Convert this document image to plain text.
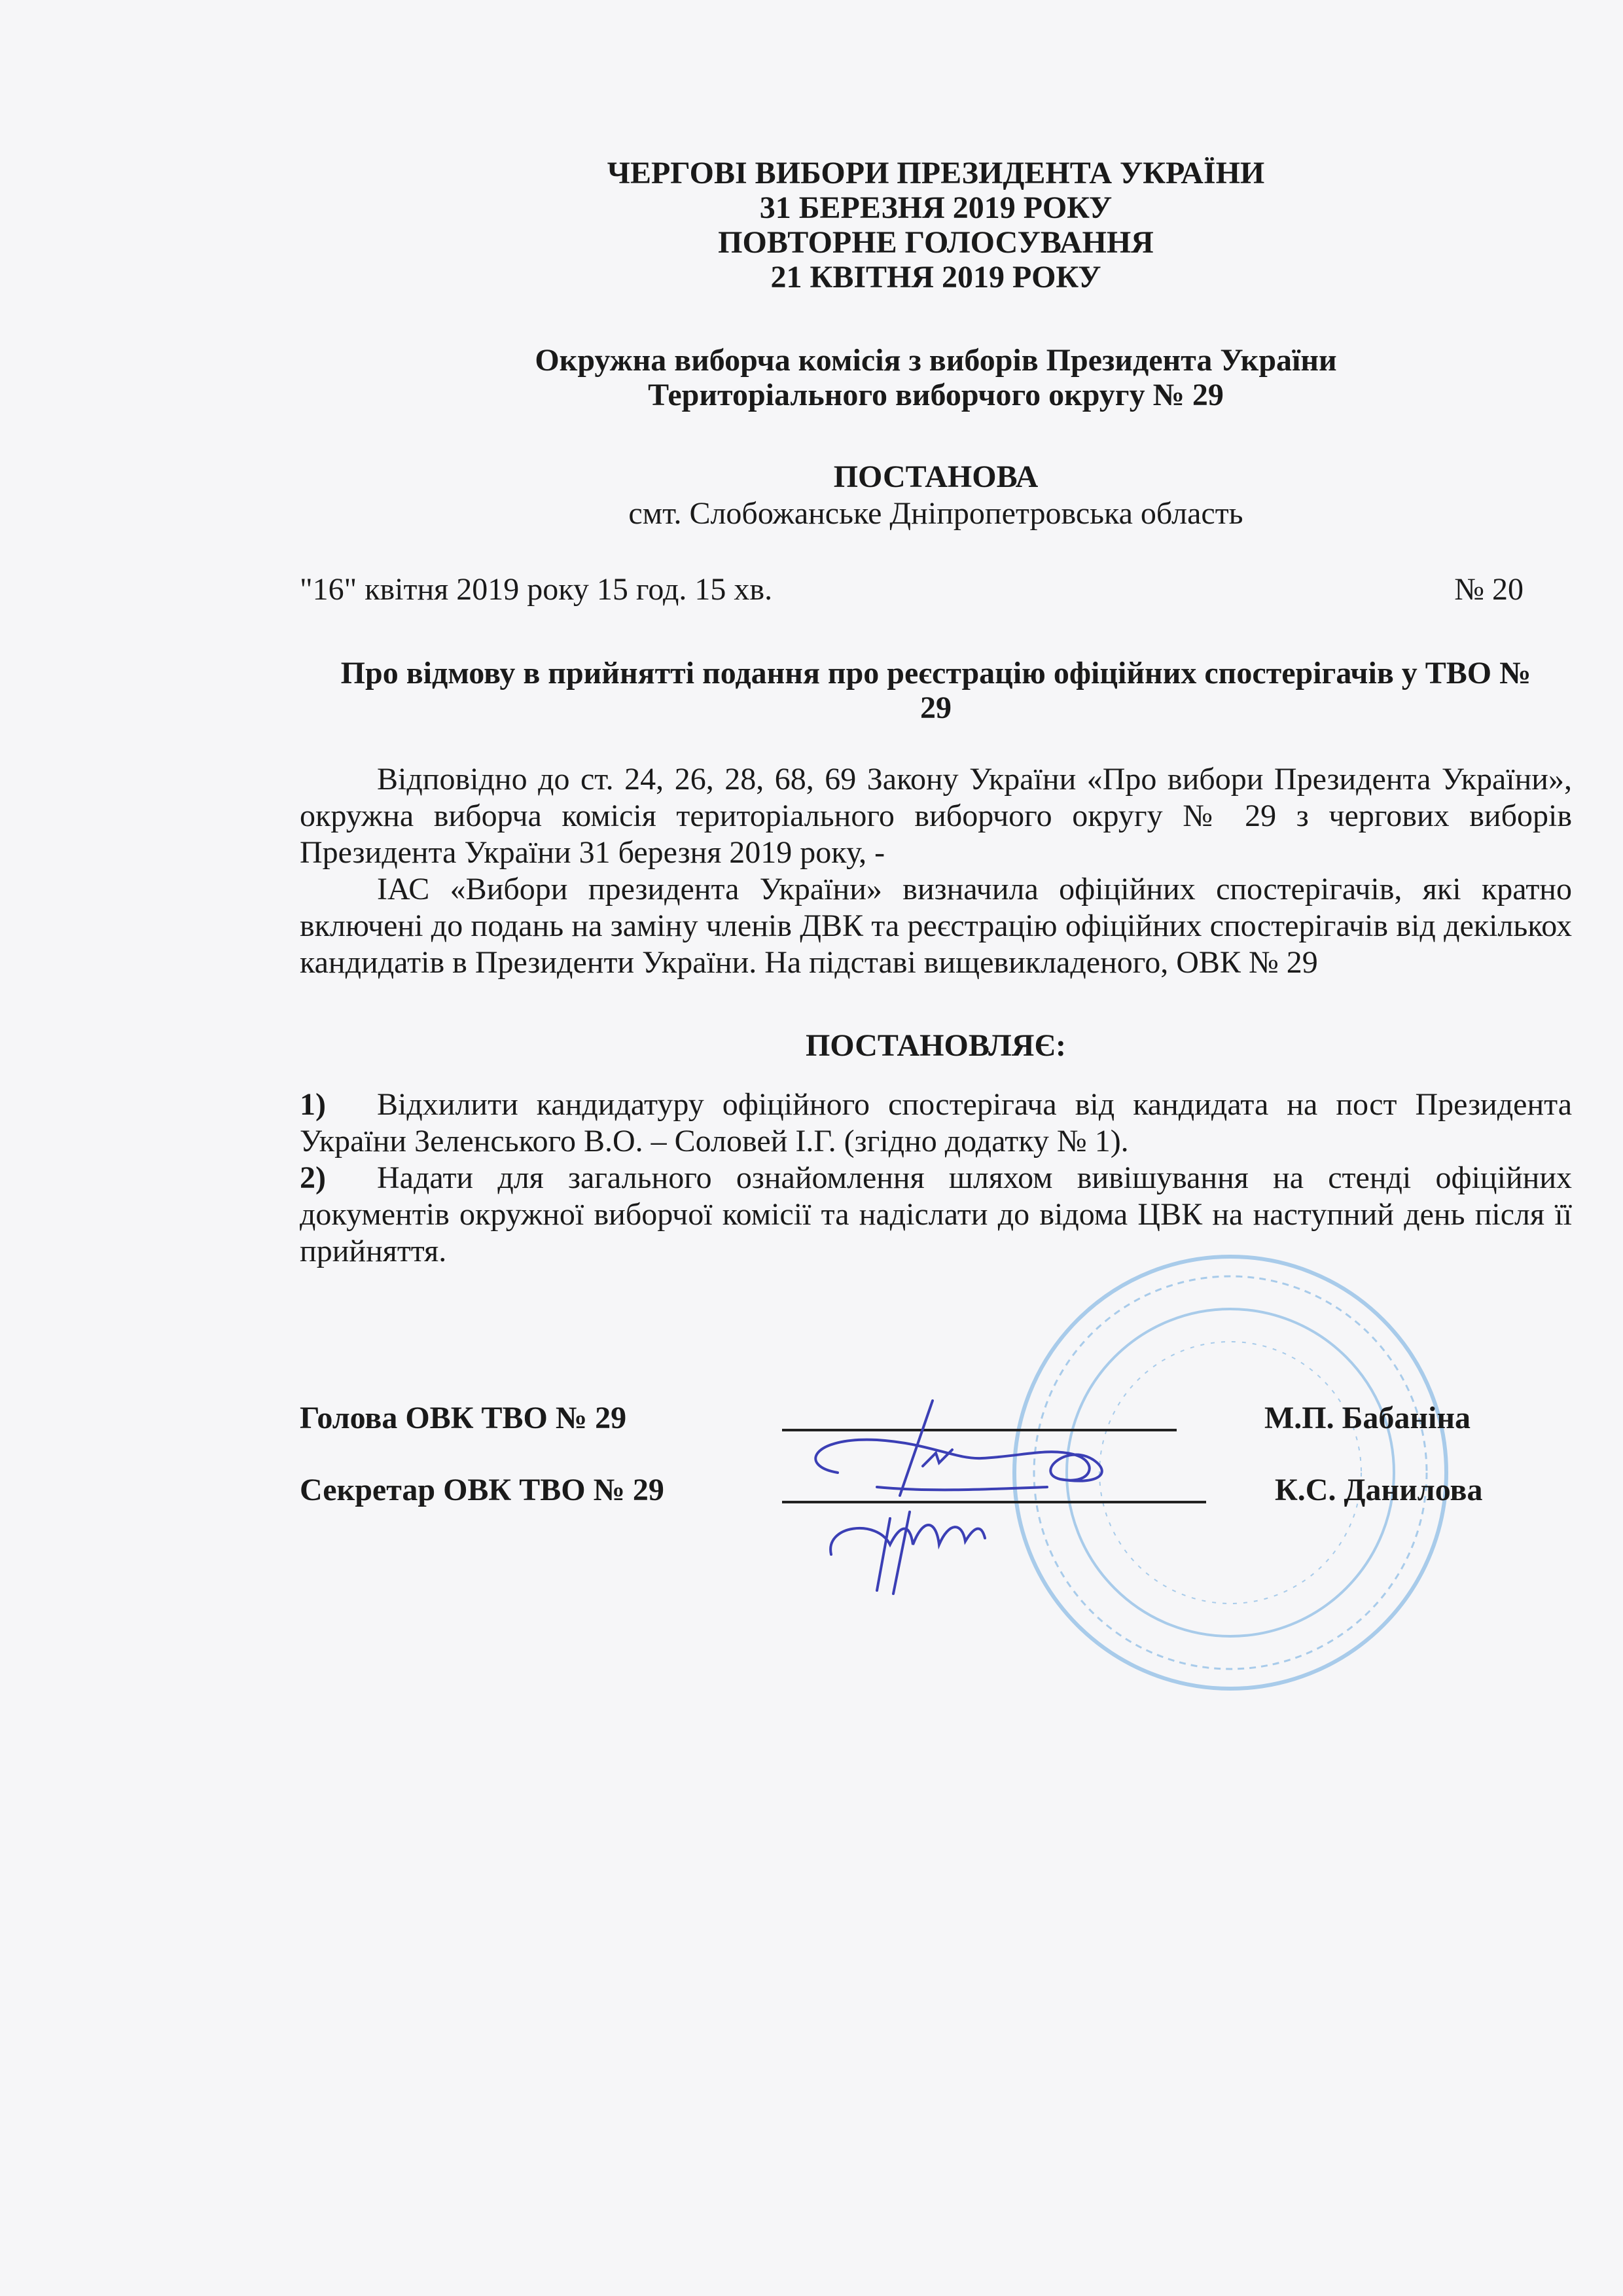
ЧЕРГОВІ ВИБОРИ ПРЕЗИДЕНТА УКРАЇНИ
31 БЕРЕЗНЯ 2019 РОКУ
ПОВТОРНЕ ГОЛОСУВАННЯ
21 КВІТНЯ 2019 РОКУ
Окружна виборча комісія з виборів Президента України
Територіального виборчого округу № 29
ПОСТАНОВА
смт. Слобожанське Дніпропетровська область
"16" квітня 2019 року 15 год. 15 хв.	№ 20
Про відмову в прийнятті подання про реєстрацію офіційних спостерігачів у ТВО №
29

Відповідно до ст. 24, 26, 28, 68, 69 Закону України «Про вибори Президента України», окружна виборча комісія територіального виборчого округу № 29 з чергових виборів Президента України 31 березня 2019 року, -

ІАС «Вибори президента України» визначила офіційних спостерігачів, які кратно включені до подань на заміну членів ДВК та реєстрацію офіційних спостерігачів від декількох кандидатів в Президенти України. На підставі вищевикладеного, ОВК № 29

ПОСТАНОВЛЯЄ:

1) Відхилити кандидатуру офіційного спостерігача від кандидата на пост Президента України Зеленського В.О. – Соловей І.Г. (згідно додатку № 1).

2) Надати для загального ознайомлення шляхом вивішування на стенді офіційних документів окружної виборчої комісії та надіслати до відома ЦВК на наступний день після її прийняття.

Голова ОВК ТВО № 29	М.П. Бабаніна
Секретар ОВК ТВО № 29	К.С. Данилова
